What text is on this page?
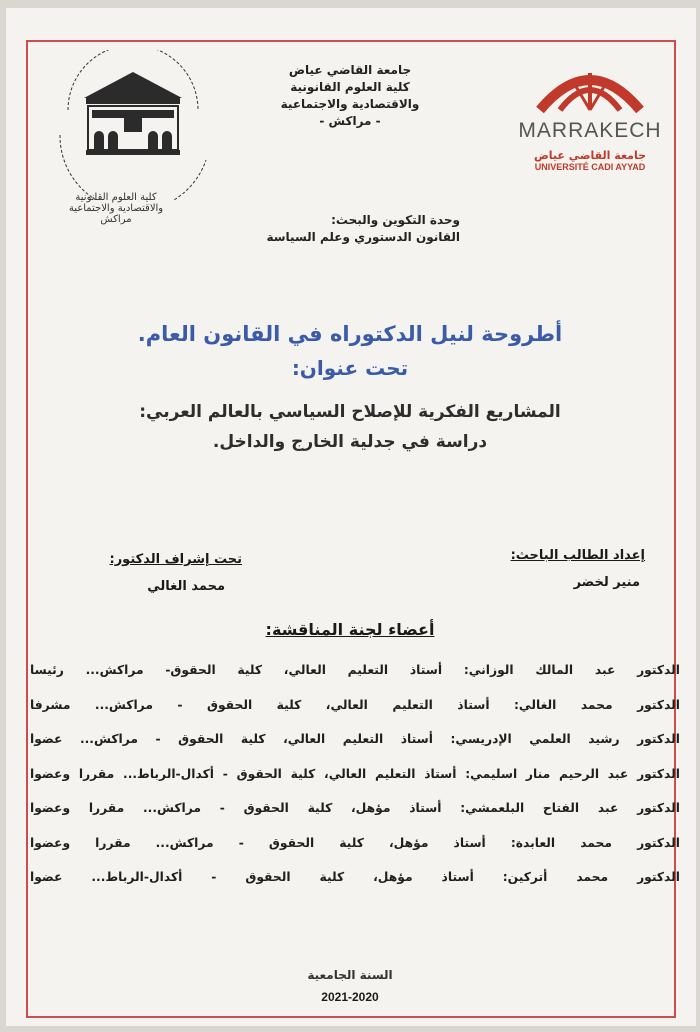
كلية العلوم القانونية والاقتصادية والاجتماعية مراكش
جامعة القاضي عياض
كلية العلوم القانونية
والاقتصادية والاجتماعية
- مراكش -	MARRAKECH
جامعة القاضي عياض
UNIVERSITÉ CADI AYYAD
وحدة التكوين والبحث:
القانون الدستوري وعلم السياسة
أطروحة لنيل الدكتوراه في القانون العام.
تحت عنوان:
المشاريع الفكرية للإصلاح السياسي بالعالم العربي:
دراسة في جدلية الخارج والداخل.
إعداد الطالب الباحث:
منير لخضر
تحت إشراف الدكتور:
محمد الغالي
أعضاء لجنة المناقشة:
الدكتور عبد المالك الوزاني: أستاذ التعليم العالي، كلية الحقوق- مراكش... رئيسا
الدكتور محمد الغالي: أستاذ التعليم العالي، كلية الحقوق - مراكش... مشرفا
الدكتور رشيد العلمي الإدريسي: أستاذ التعليم العالي، كلية الحقوق - مراكش... عضوا
الدكتور عبد الرحيم منار اسليمي: أستاذ التعليم العالي، كلية الحقوق - أكدال-الرباط... مقررا وعضوا
الدكتور عبد الفتاح البلعمشي: أستاذ مؤهل، كلية الحقوق - مراكش... مقررا وعضوا
الدكتور محمد العابدة: أستاذ مؤهل، كلية الحقوق - مراكش... مقررا وعضوا
الدكتور محمد أتركين: أستاذ مؤهل، كلية الحقوق - أكدال-الرباط... عضوا
السنة الجامعية
2021-2020
